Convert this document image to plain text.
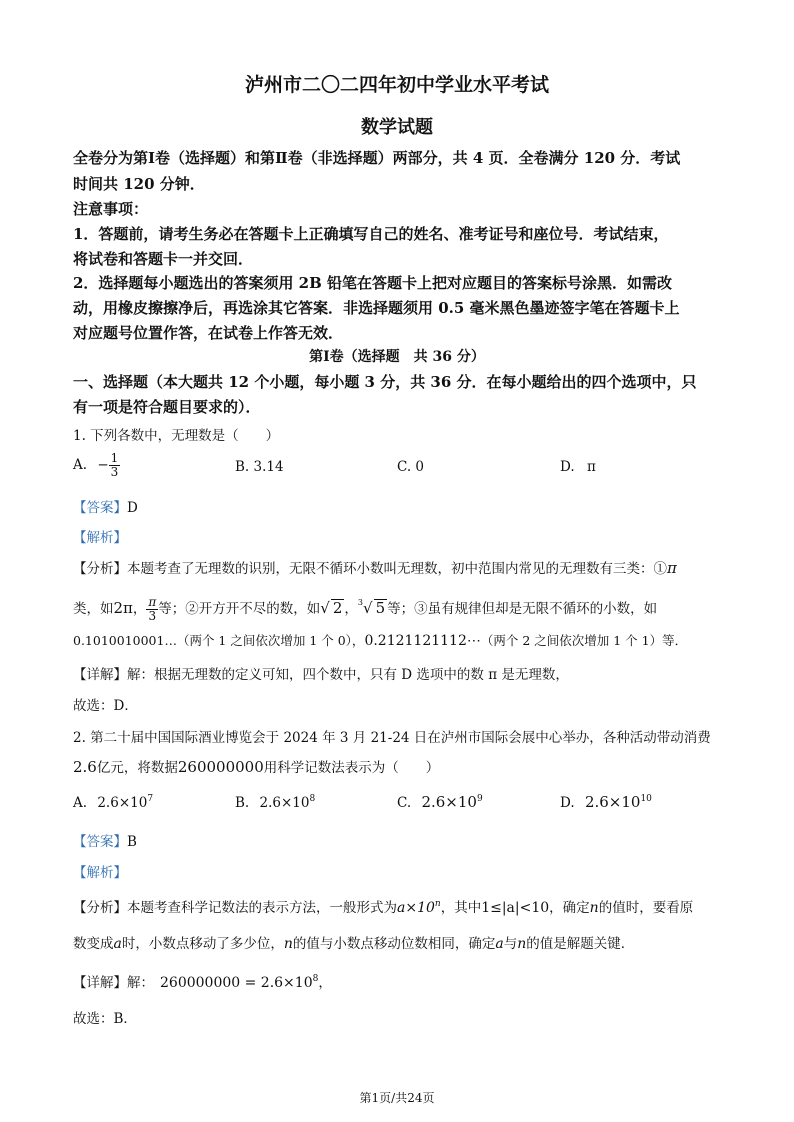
泸州市二〇二四年初中学业水平考试
数学试题
全卷分为第Ⅰ卷（选择题）和第Ⅱ卷（非选择题）两部分，共 4 页．全卷满分 120 分．考试
时间共 120 分钟．
注意事项：
1．答题前，请考生务必在答题卡上正确填写自己的姓名、准考证号和座位号．考试结束，
将试卷和答题卡一并交回．
2．选择题每小题选出的答案须用 2B 铅笔在答题卡上把对应题目的答案标号涂黑．如需改
动，用橡皮擦擦净后，再选涂其它答案．非选择题须用 0.5 毫米黑色墨迹签字笔在答题卡上
对应题号位置作答，在试卷上作答无效．
第Ⅰ卷（选择题　共 36 分）
一、选择题（本大题共 12 个小题，每小题 3 分，共 36 分．在每小题给出的四个选项中，只
有一项是符合题目要求的）．
1. 下列各数中，无理数是（　　）
A. − $\frac{1}{3}$	B. 3.14	C. 0	D. π
【答案】D
【解析】
【分析】本题考查了无理数的识别，无限不循环小数叫无理数，初中范围内常见的无理数有三类：①π
类，如2π， $\frac{\pi}{3}$ 等；②开方开不尽的数，如√ 2 ，$^3$√ 5 等；③虽有规律但却是无限不循环的小数，如
0.1010010001…（两个 1 之间依次增加 1 个 0），0.2121121112⋯（两个 2 之间依次增加 1 个 1）等．
【详解】解：根据无理数的定义可知，四个数中，只有 D 选项中的数 π 是无理数，
故选：D．
2. 第二十届中国国际酒业博览会于 2024 年 3 月 21-24 日在泸州市国际会展中心举办，各种活动带动消费
2.6亿元，将数据260000000用科学记数法表示为（　　）
A. $2.6\times 10^7$	B. $2.6\times 10^8$	C. $2.6\times 10^9$	D. $2.6\times 10^{10}$
【答案】B
【解析】
【分析】本题考查科学记数法的表示方法，一般形式为$a\times 10^n$，其中1≤|a|<10，确定n的值时，要看原
数变成a时，小数点移动了多少位，n的值与小数点移动位数相同，确定a与n的值是解题关键．
【详解】解： $260000000 = 2.6\times 10^8$，
故选：B．
第1页/共24页
